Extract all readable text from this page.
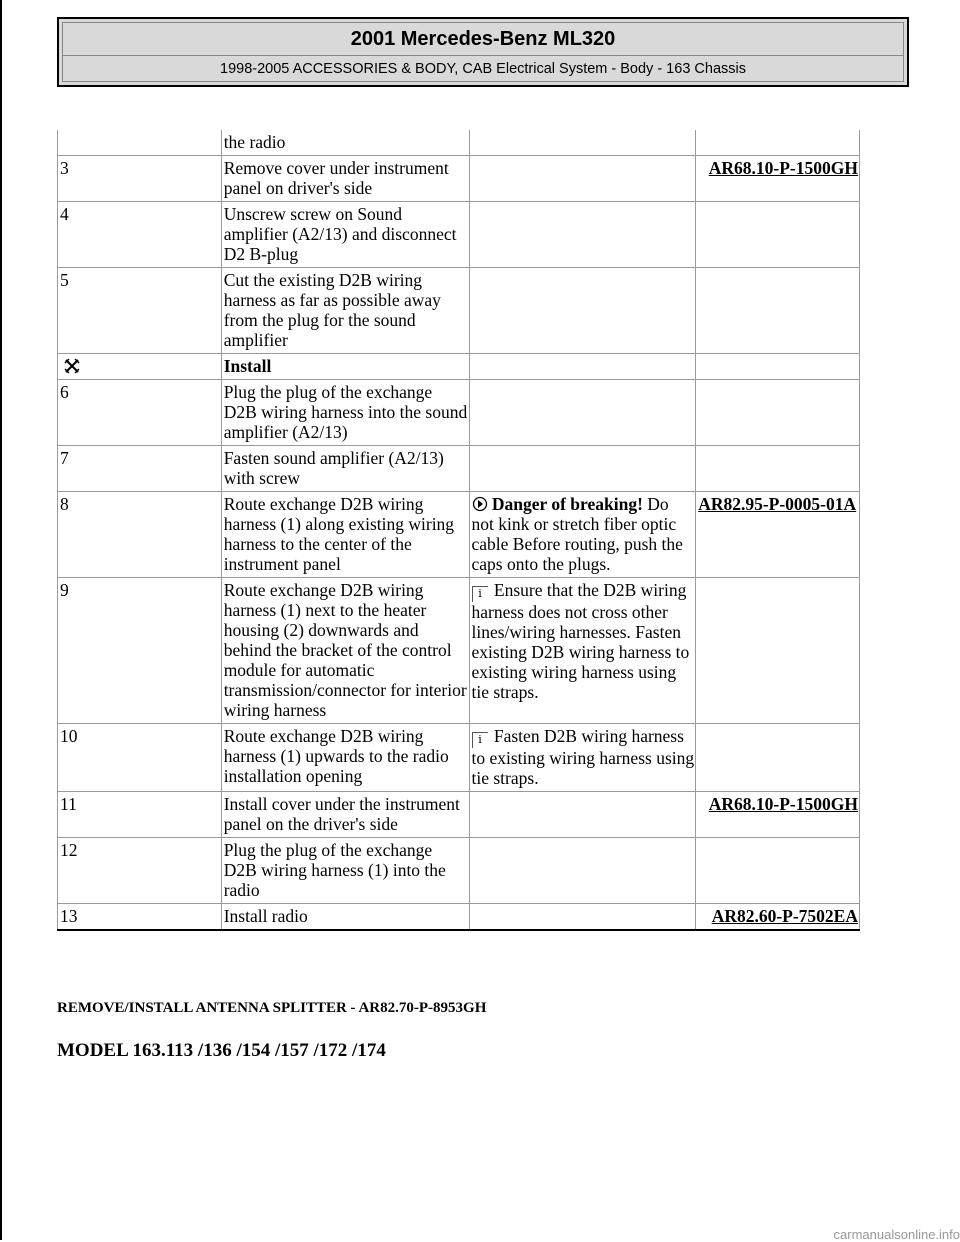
2001 Mercedes-Benz ML320
1998-2005 ACCESSORIES & BODY, CAB Electrical System - Body - 163 Chassis
	the radio		
3	Remove cover under instrument panel on driver's side		AR68.10-P-1500GH
4	Unscrew screw on Sound amplifier (A2/13) and disconnect D2 B-plug		
5	Cut the existing D2B wiring harness as far as possible away from the plug for the sound amplifier		
	Install		
6	Plug the plug of the exchange D2B wiring harness into the sound amplifier (A2/13)		
7	Fasten sound amplifier (A2/13) with screw		
8	Route exchange D2B wiring harness (1) along existing wiring harness to the center of the instrument panel	Danger of breaking! Do not kink or stretch fiber optic cable Before routing, push the caps onto the plugs.	AR82.95-P-0005-01A
9	Route exchange D2B wiring harness (1) next to the heater housing (2) downwards and behind the bracket of the control module for automatic transmission/connector for interior wiring harness	i Ensure that the D2B wiring harness does not cross other lines/wiring harnesses. Fasten existing D2B wiring harness to existing wiring harness using tie straps.	
10	Route exchange D2B wiring harness (1) upwards to the radio installation opening	i Fasten D2B wiring harness to existing wiring harness using tie straps.	
11	Install cover under the instrument panel on the driver's side		AR68.10-P-1500GH
12	Plug the plug of the exchange D2B wiring harness (1) into the radio		
13	Install radio		AR82.60-P-7502EA
REMOVE/INSTALL ANTENNA SPLITTER - AR82.70-P-8953GH
MODEL 163.113 /136 /154 /157 /172 /174
carmanualsonline.info
